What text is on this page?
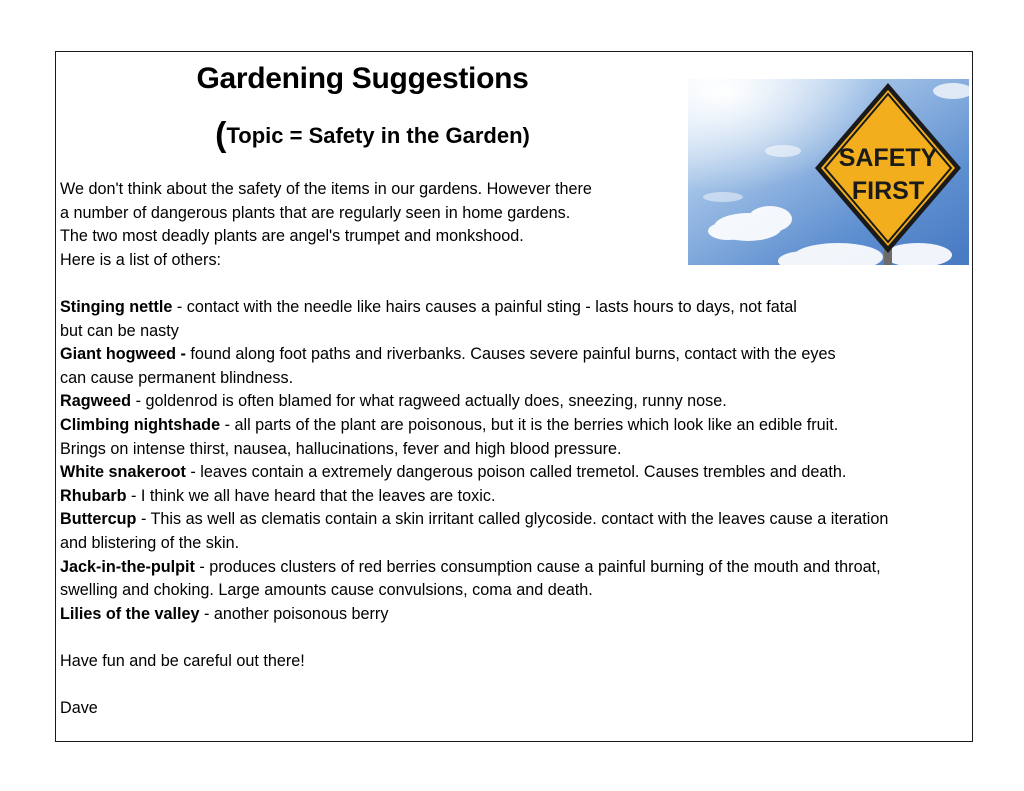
Gardening Suggestions
(Topic = Safety in the Garden)
SAFETY
FIRST
We don't think about the safety of the items in our gardens. However there
a number of dangerous plants that are regularly seen in home gardens.
The two most deadly plants are angel's trumpet and monkshood.
Here is a list of others:
Stinging nettle - contact with the needle like hairs causes a painful sting - lasts hours to days, not fatal
but can be nasty
Giant hogweed - found along foot paths and riverbanks. Causes severe painful burns, contact with the eyes
can cause permanent blindness.
Ragweed - goldenrod is often blamed for what ragweed actually does, sneezing, runny nose.
Climbing nightshade - all parts of the plant are poisonous, but it is the berries which look like an edible fruit.
Brings on intense thirst, nausea, hallucinations, fever and high blood pressure.
White snakeroot - leaves contain a extremely dangerous poison called tremetol. Causes trembles and death.
Rhubarb - I think we all have heard that the leaves are toxic.
Buttercup - This as well as clematis contain a skin irritant called glycoside. contact with the leaves cause a iteration
and blistering of the skin.
Jack-in-the-pulpit - produces clusters of red berries consumption cause a painful burning of the mouth and throat,
swelling and choking. Large amounts cause convulsions, coma and death.
Lilies of the valley - another poisonous berry
Have fun and be careful out there!
Dave
